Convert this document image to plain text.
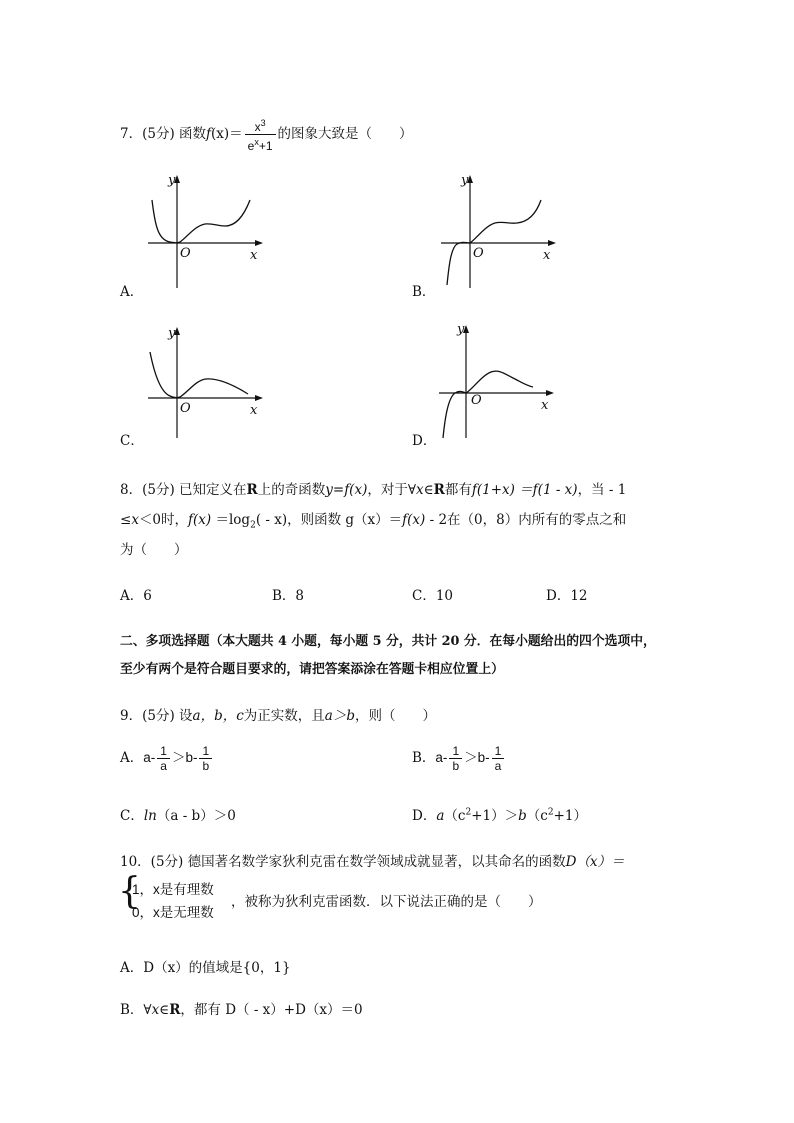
7．(5分) 函数$f(x)= \frac{x^3}{e^x+1}$ 的图象大致是（　　）
y
O	x
A．
y
O	x
B．
y
O	x
C．
y
O	x
D．
8．(5分) 已知定义在R上的奇函数y=f(x)，对于∀x∈R都有f(1+x) ＝f(1 - x)，当 - 1
≤x＜0时，$f(x) =\log_2( - x)$，则函数 g（x）＝f(x) - 2在（0，8）内所有的零点之和
为（　　）
A．6	B．8	C．10	D．12
二、多项选择题（本大题共 4 小题，每小题 5 分，共计 20 分．在每小题给出的四个选项中，
至少有两个是符合题目要求的，请把答案添涂在答题卡相应位置上）
9．(5分) 设a，b，c为正实数，且a＞b，则（　　）
A．$a- \frac{1}{a} >b- \frac{1}{b}$	B．$a- \frac{1}{b} >b- \frac{1}{a}$
C．ln（a - b）＞0	D．$a(c^2+1)>b(c^2+1)$
10．(5分) 德国著名数学家狄利克雷在数学领域成就显著，以其命名的函数D（x）＝
{
1，x是有理数
0，x是无理数
，被称为狄利克雷函数．以下说法正确的是（　　）
A．D（x）的值域是{0，1}
B．∀x∈R，都有 D（ - x）+D（x）＝0
